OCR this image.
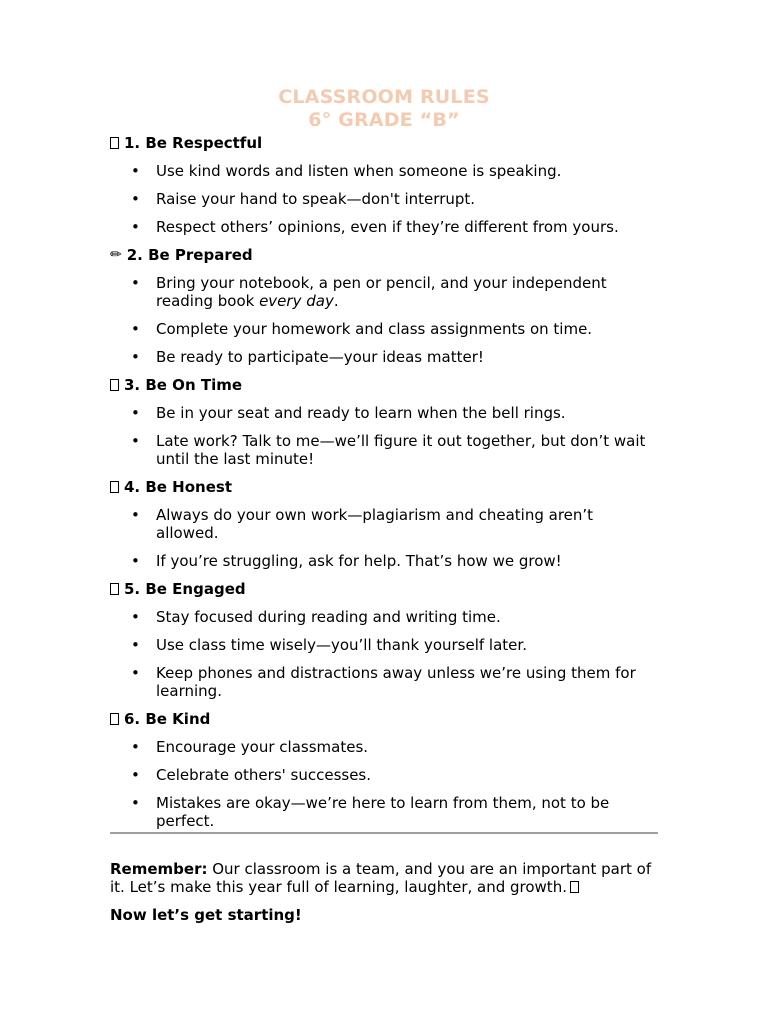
CLASSROOM RULES
6° GRADE “B”
1. Be Respectful
• Use kind words and listen when someone is speaking.
• Raise your hand to speak—don't interrupt.
• Respect others’ opinions, even if they’re different from yours.
✏ 2. Be Prepared
• Bring your notebook, a pen or pencil, and your independent reading book every day.
• Complete your homework and class assignments on time.
• Be ready to participate—your ideas matter!
3. Be On Time
• Be in your seat and ready to learn when the bell rings.
• Late work? Talk to me—we’ll figure it out together, but don’t wait until the last minute!
4. Be Honest
• Always do your own work—plagiarism and cheating aren’t allowed.
• If you’re struggling, ask for help. That’s how we grow!
5. Be Engaged
• Stay focused during reading and writing time.
• Use class time wisely—you’ll thank yourself later.
• Keep phones and distractions away unless we’re using them for learning.
6. Be Kind
• Encourage your classmates.
• Celebrate others' successes.
• Mistakes are okay—we’re here to learn from them, not to be perfect.

Remember: Our classroom is a team, and you are an important part of it. Let’s make this year full of learning, laughter, and growth.

Now let’s get starting!
